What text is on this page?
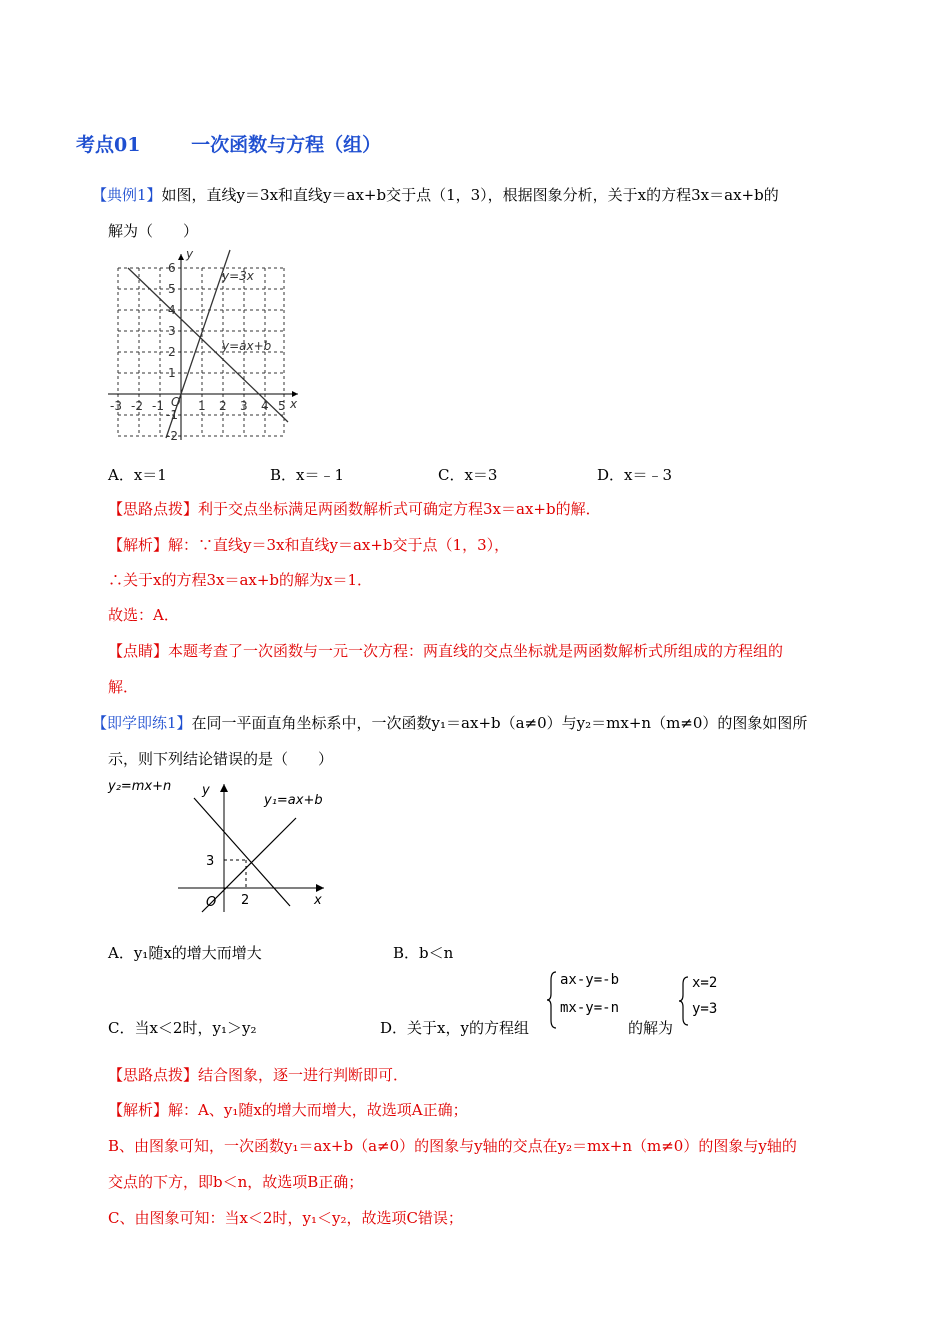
考点01	一次函数与方程（组）
【典例1】如图，直线y＝3x和直线y＝ax+b交于点（1，3），根据图象分析，关于x的方程3x＝ax+b的
解为（　　）
y
x
O
y=3x
y=ax+b
-3 -2 -1	1 2 3 4 5
6
5
4
3
2
1
-1
-2
A．x＝1	B．x＝﹣1	C．x＝3	D．x＝﹣3
【思路点拨】利于交点坐标满足两函数解析式可确定方程3x＝ax+b的解．
【解析】解：∵直线y＝3x和直线y＝ax+b交于点（1，3），
∴关于x的方程3x＝ax+b的解为x＝1．
故选：A．
【点睛】本题考查了一次函数与一元一次方程：两直线的交点坐标就是两函数解析式所组成的方程组的
解．
【即学即练1】在同一平面直角坐标系中，一次函数y₁＝ax+b（a≠0）与y₂＝mx+n（m≠0）的图象如图所
示，则下列结论错误的是（　　）
y₂=mx+n
y₁=ax+b
y
x
O
3
2
A．y₁随x的增大而增大	B．b＜n
C．当x＜2时，y₁＞y₂	D．关于x，y的方程组
ax-y=-b
mx-y=-n
的解为
x=2
y=3
【思路点拨】结合图象，逐一进行判断即可．
【解析】解：A、y₁随x的增大而增大，故选项A正确；
B、由图象可知，一次函数y₁＝ax+b（a≠0）的图象与y轴的交点在y₂＝mx+n（m≠0）的图象与y轴的
交点的下方，即b＜n，故选项B正确；
C、由图象可知：当x＜2时，y₁＜y₂，故选项C错误；
